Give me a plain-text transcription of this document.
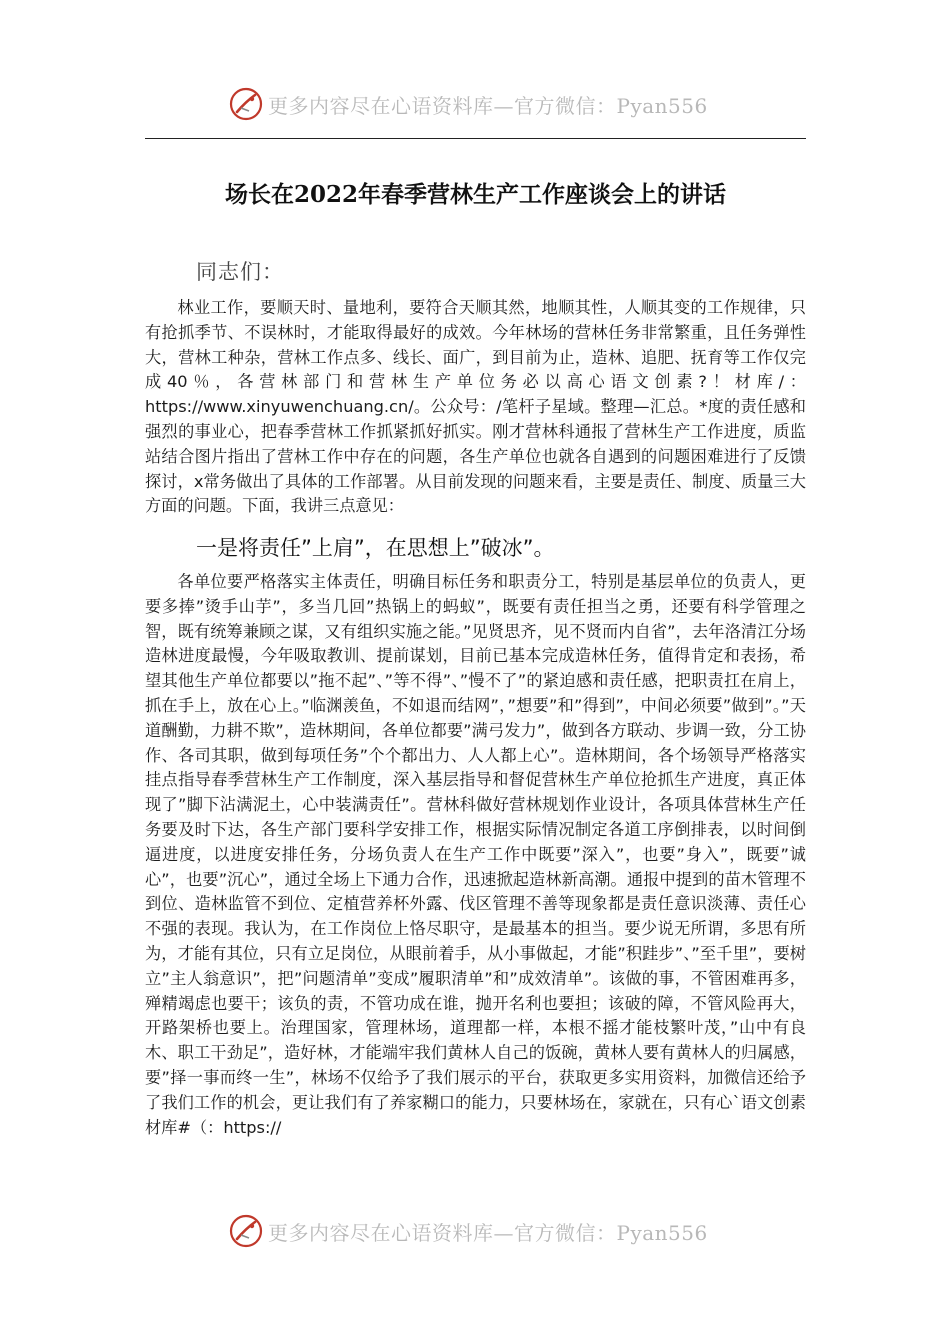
更多内容尽在心语资料库—官方微信：Pyan556
场长在2022年春季营林生产工作座谈会上的讲话
同志们：

林业工作，要顺天时、量地利，要符合天顺其然，地顺其性，人顺其变的工作规律，只有抢抓季节、不误林时，才能取得最好的成效。今年林场的营林任务非常繁重，且任务弹性大，营林工种杂，营林工作点多、线长、面广，到目前为止，造林、追肥、抚育等工作仅完成40％，各营林部门和营林生产单位务必以高心语文创素?！材库/：https://www.xinyuwenchuang.cn/。公众号：/笔杆子星域。整理—汇总。*度的责任感和强烈的事业心，把春季营林工作抓紧抓好抓实。刚才营林科通报了营林生产工作进度，质监站结合图片指出了营林工作中存在的问题，各生产单位也就各自遇到的问题困难进行了反馈探讨，x常务做出了具体的工作部署。从目前发现的问题来看，主要是责任、制度、质量三大方面的问题。下面，我讲三点意见：

一是将责任”上肩”，在思想上”破冰”。

各单位要严格落实主体责任，明确目标任务和职责分工，特别是基层单位的负责人，更要多捧”烫手山芋”，多当几回”热锅上的蚂蚁”，既要有责任担当之勇，还要有科学管理之智，既有统筹兼顾之谋，又有组织实施之能。”见贤思齐，见不贤而内自省”，去年洛清江分场造林进度最慢，今年吸取教训、提前谋划，目前已基本完成造林任务，值得肯定和表扬，希望其他生产单位都要以”拖不起”、”等不得”、”慢不了”的紧迫感和责任感，把职责扛在肩上，抓在手上，放在心上。”临渊羡鱼，不如退而结网”，”想要”和”得到”，中间必须要”做到”。”天道酬勤，力耕不欺”，造林期间，各单位都要”满弓发力”，做到各方联动、步调一致，分工协作、各司其职，做到每项任务”个个都出力、人人都上心”。造林期间，各个场领导严格落实挂点指导春季营林生产工作制度，深入基层指导和督促营林生产单位抢抓生产进度，真正体现了”脚下沾满泥土，心中装满责任”。营林科做好营林规划作业设计，各项具体营林生产任务要及时下达，各生产部门要科学安排工作，根据实际情况制定各道工序倒排表，以时间倒逼进度，以进度安排任务，分场负责人在生产工作中既要”深入”，也要”身入”，既要”诚心”，也要”沉心”，通过全场上下通力合作，迅速掀起造林新高潮。通报中提到的苗木管理不到位、造林监管不到位、定植营养杯外露、伐区管理不善等现象都是责任意识淡薄、责任心不强的表现。我认为，在工作岗位上恪尽职守，是最基本的担当。要少说无所谓，多思有所为，才能有其位，只有立足岗位，从眼前着手，从小事做起，才能”积跬步”、”至千里”，要树立”主人翁意识”，把”问题清单”变成”履职清单”和”成效清单”。该做的事，不管困难再多，殚精竭虑也要干；该负的责，不管功成在谁，抛开名利也要担；该破的障，不管风险再大，开路架桥也要上。治理国家，管理林场，道理都一样，本根不摇才能枝繁叶茂，”山中有良木、职工干劲足”，造好林，才能端牢我们黄林人自己的饭碗，黄林人要有黄林人的归属感，要”择一事而终一生”，林场不仅给予了我们展示的平台，获取更多实用资料，加微信还给予了我们工作的机会，更让我们有了养家糊口的能力，只要林场在，家就在，只有心`语文创素材库#（：https://

更多内容尽在心语资料库—官方微信：Pyan556
